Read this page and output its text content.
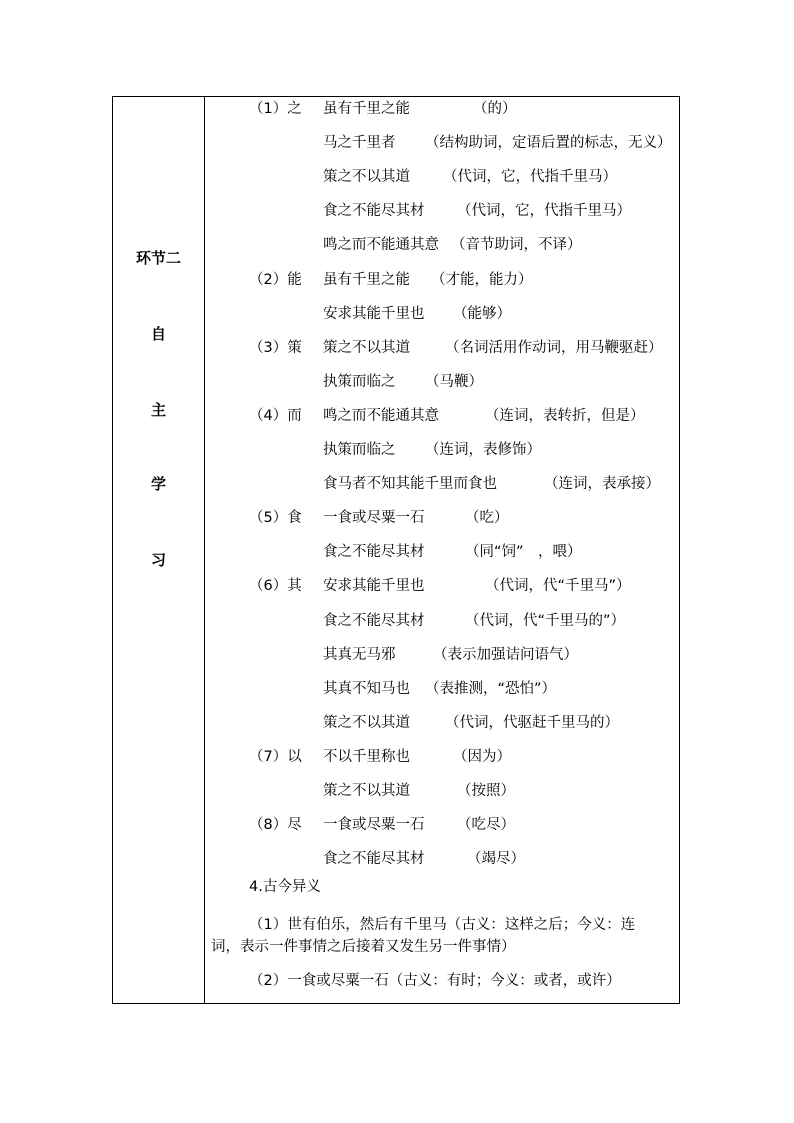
环节二
自
主
学
习
4.古今异义
（1）世有伯乐，然后有千里马（古义：这样之后；今义：连
词，表示一件事情之后接着又发生另一件事情）
（2）一食或尽粟一石（古义：有时；今义：或者，或许）
（1）之 虽有千里之能	（的）
马之千里者 （结构助词，定语后置的标志，无义）
策之不以其道 （代词，它，代指千里马）
食之不能尽其材 （代词，它，代指千里马）
鸣之而不能通其意 （音节助词，不译）
（2）能 虽有千里之能 （才能，能力）
安求其能千里也 （能够）
（3）策 策之不以其道 （名词活用作动词，用马鞭驱赶）
执策而临之 （马鞭）
（4）而 鸣之而不能通其意	（连词，表转折，但是）
执策而临之 （连词，表修饰）
食马者不知其能千里而食也	（连词，表承接）
（5）食 一食或尽粟一石	（吃）
食之不能尽其材	（同“饲”　，喂）
（6）其 安求其能千里也	（代词，代“千里马”）
食之不能尽其材	（代词，代“千里马的”）
其真无马邪	（表示加强诘问语气）
其真不知马也 （表推测，“恐怕”）
策之不以其道 （代词，代驱赶千里马的）
（7）以 不以千里称也	（因为）
策之不以其道	（按照）
（8）尽 一食或尽粟一石 （吃尽）
食之不能尽其材	（竭尽）
